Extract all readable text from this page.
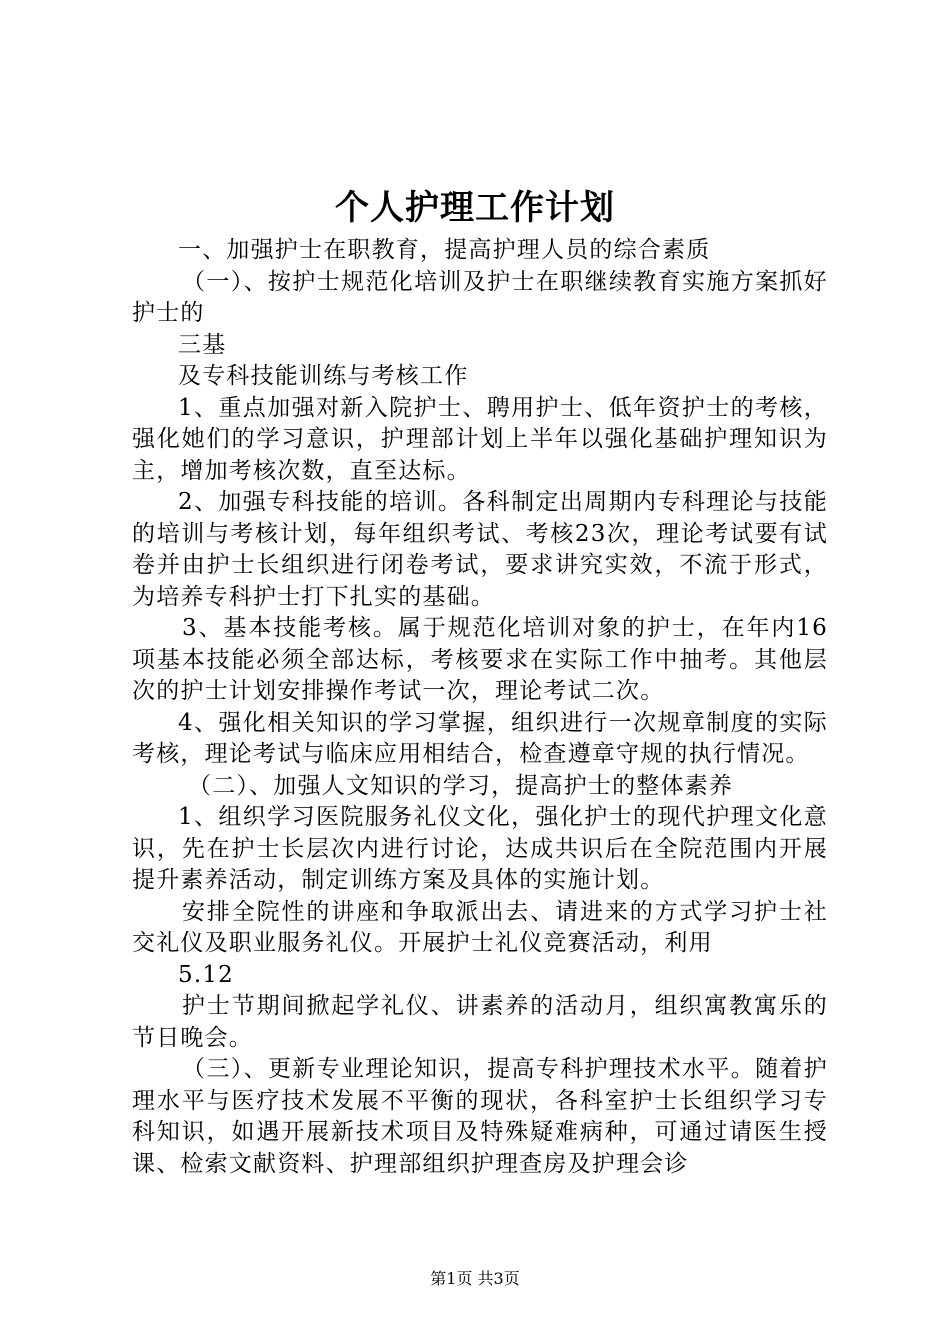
个人护理工作计划

一、加强护士在职教育，提高护理人员的综合素质

（一）、按护士规范化培训及护士在职继续教育实施方案抓好护士的

三基

及专科技能训练与考核工作

1、重点加强对新入院护士、聘用护士、低年资护士的考核，强化她们的学习意识，护理部计划上半年以强化基础护理知识为主，增加考核次数，直至达标。

2、加强专科技能的培训。各科制定出周期内专科理论与技能的培训与考核计划，每年组织考试、考核23次，理论考试要有试卷并由护士长组织进行闭卷考试，要求讲究实效，不流于形式，为培养专科护士打下扎实的基础。

3、基本技能考核。属于规范化培训对象的护士，在年内16项基本技能必须全部达标，考核要求在实际工作中抽考。其他层次的护士计划安排操作考试一次，理论考试二次。

4、强化相关知识的学习掌握，组织进行一次规章制度的实际考核，理论考试与临床应用相结合，检查遵章守规的执行情况。

（二）、加强人文知识的学习，提高护士的整体素养

1、组织学习医院服务礼仪文化，强化护士的现代护理文化意识，先在护士长层次内进行讨论，达成共识后在全院范围内开展提升素养活动，制定训练方案及具体的实施计划。

安排全院性的讲座和争取派出去、请进来的方式学习护士社交礼仪及职业服务礼仪。开展护士礼仪竞赛活动，利用

5.12

护士节期间掀起学礼仪、讲素养的活动月，组织寓教寓乐的节日晚会。

（三）、更新专业理论知识，提高专科护理技术水平。随着护理水平与医疗技术发展不平衡的现状，各科室护士长组织学习专科知识，如遇开展新技术项目及特殊疑难病种，可通过请医生授课、检索文献资料、护理部组织护理查房及护理会诊

第1页 共3页
